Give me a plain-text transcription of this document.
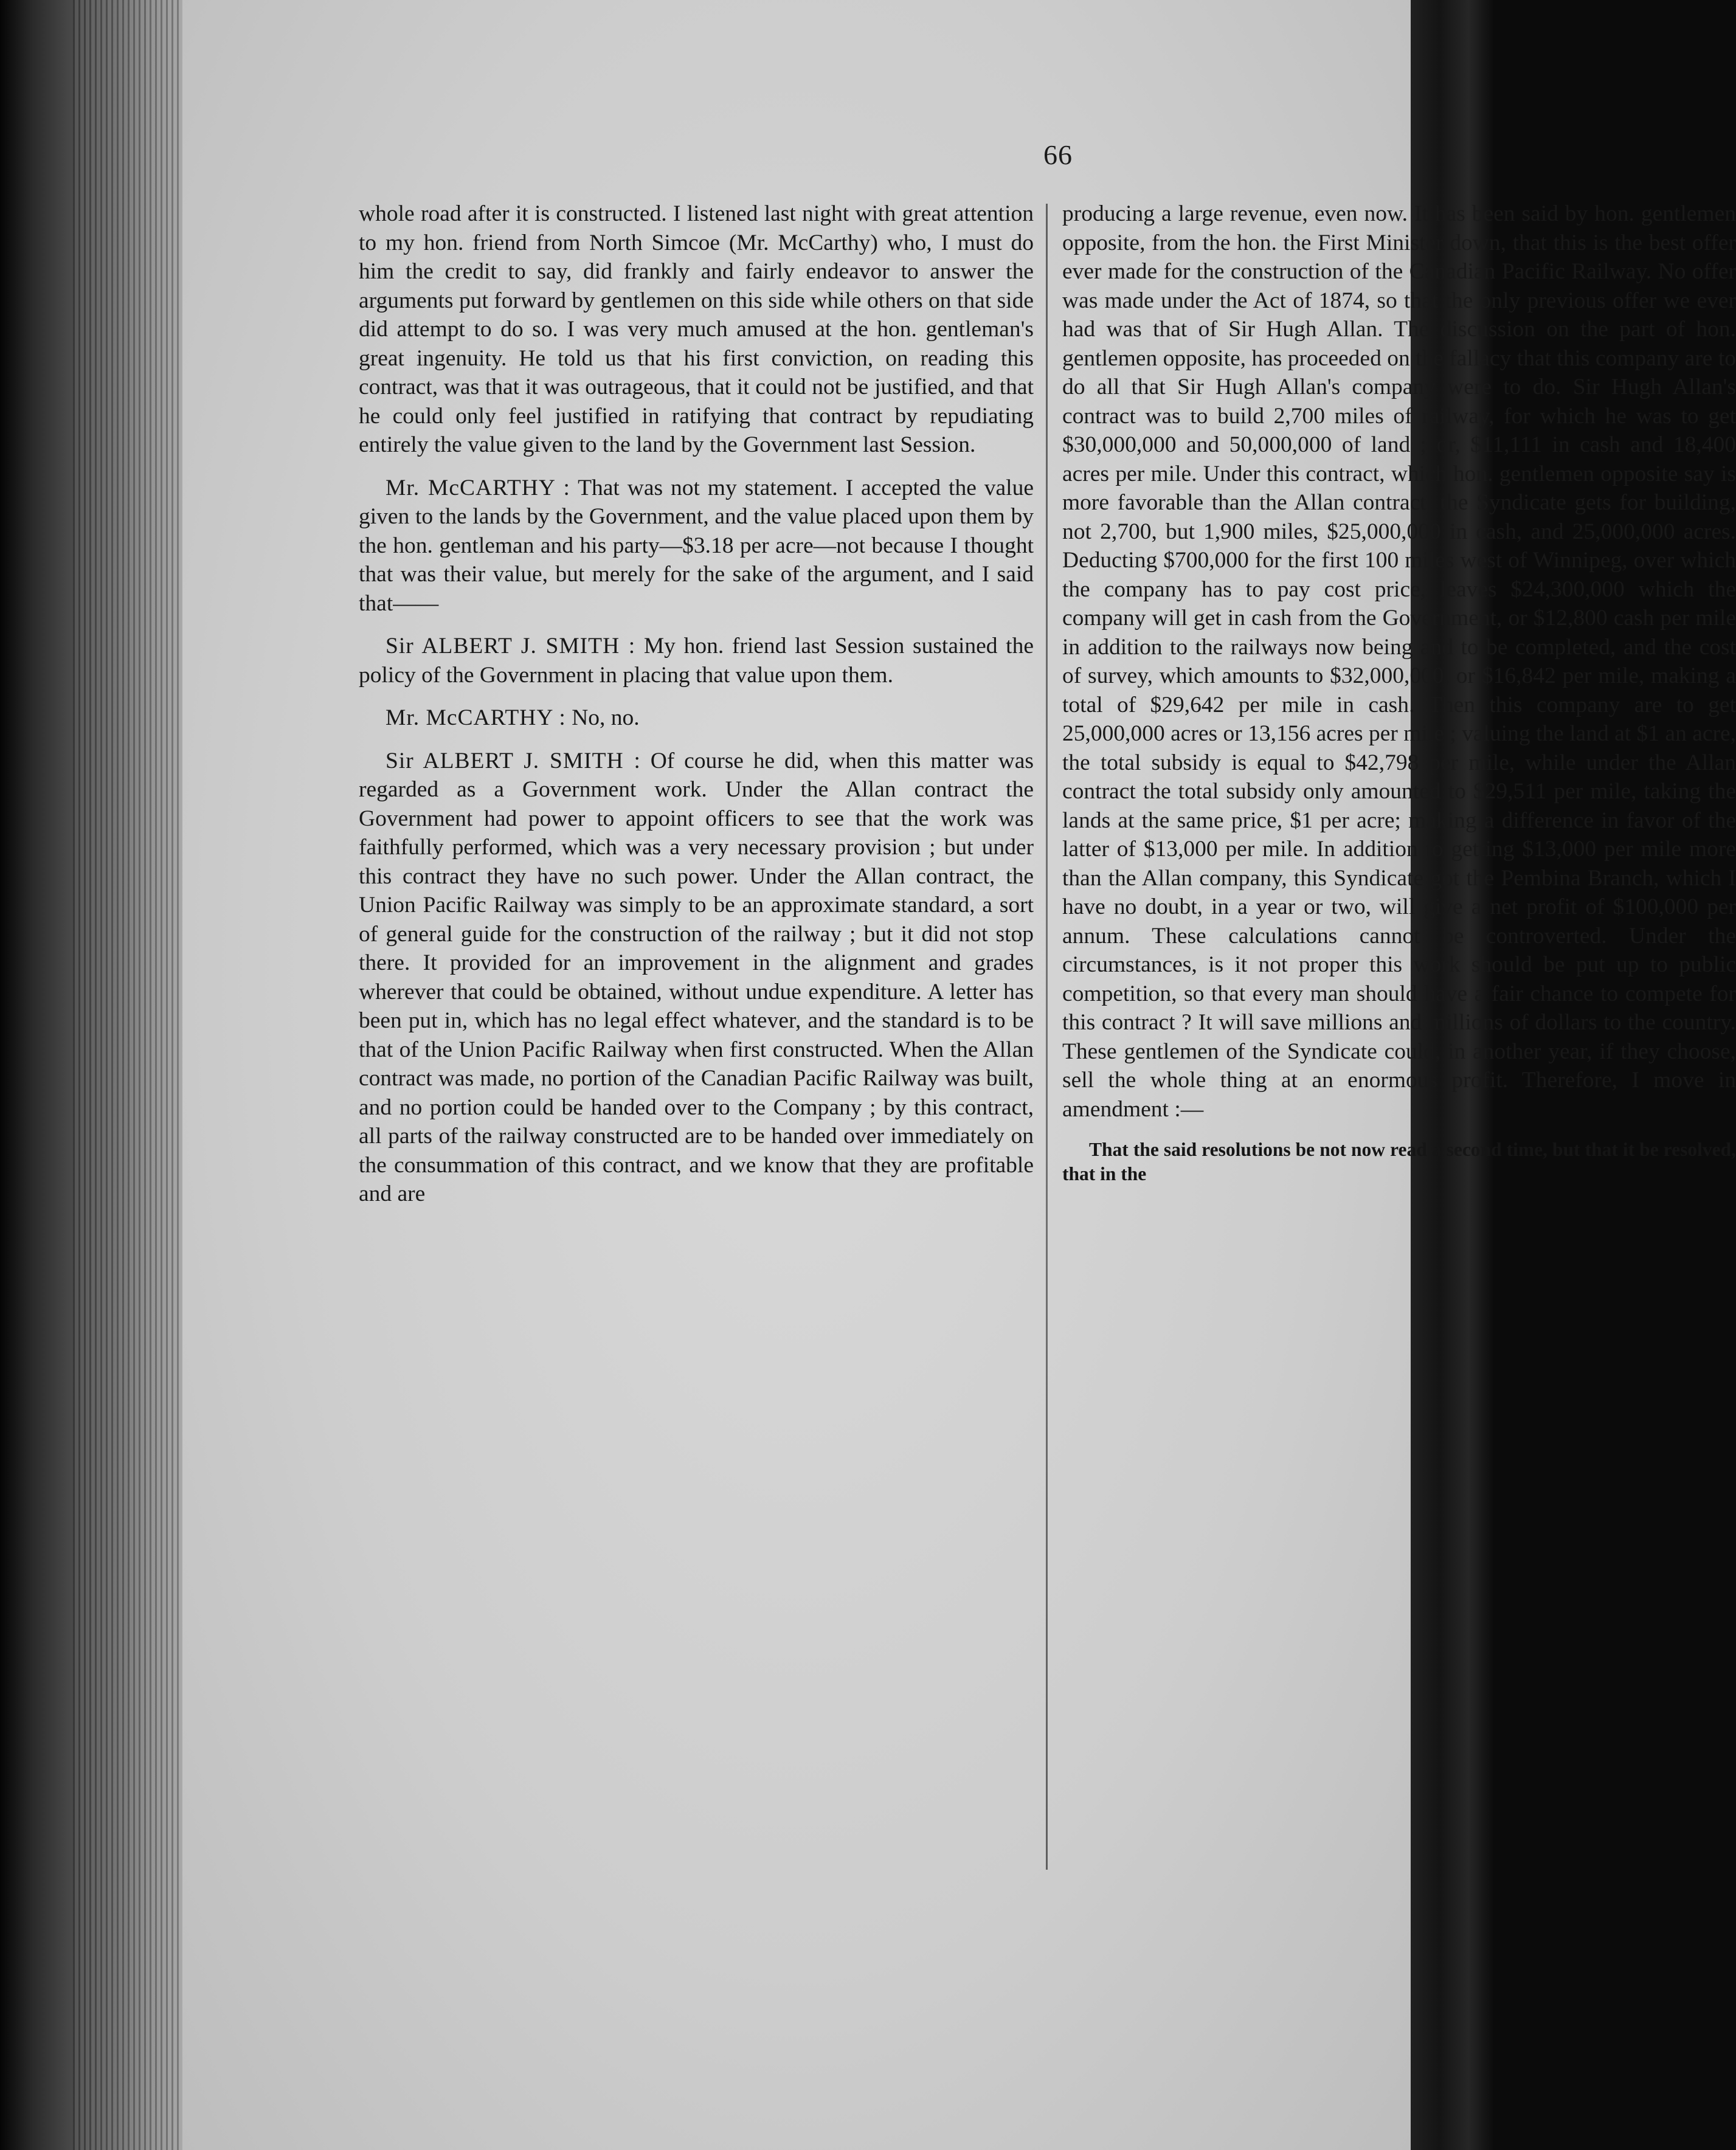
66

whole road after it is constructed. I listened last night with great attention to my hon. friend from North Simcoe (Mr. McCarthy) who, I must do him the credit to say, did frankly and fairly endeavor to answer the arguments put forward by gentlemen on this side while others on that side did attempt to do so. I was very much amused at the hon. gentleman's great ingenuity. He told us that his first conviction, on reading this contract, was that it was outrageous, that it could not be justified, and that he could only feel justified in ratifying that contract by repudiating entirely the value given to the land by the Government last Session.

Mr. McCARTHY : That was not my statement. I accepted the value given to the lands by the Government, and the value placed upon them by the hon. gentleman and his party—$3.18 per acre—not because I thought that was their value, but merely for the sake of the argument, and I said that——

Sir ALBERT J. SMITH : My hon. friend last Session sustained the policy of the Government in placing that value upon them.

Mr. McCARTHY : No, no.

Sir ALBERT J. SMITH : Of course he did, when this matter was regarded as a Government work. Under the Allan contract the Government had power to appoint officers to see that the work was faithfully performed, which was a very necessary provision ; but under this contract they have no such power. Under the Allan contract, the Union Pacific Railway was simply to be an approximate standard, a sort of general guide for the construction of the railway ; but it did not stop there. It provided for an improvement in the alignment and grades wherever that could be obtained, without undue expenditure. A letter has been put in, which has no legal effect whatever, and the standard is to be that of the Union Pacific Railway when first constructed. When the Allan contract was made, no portion of the Canadian Pacific Railway was built, and no portion could be handed over to the Company ; by this contract, all parts of the railway constructed are to be handed over immediately on the consummation of this contract, and we know that they are profitable and are

producing a large revenue, even now. It has been said by hon. gentlemen opposite, from the hon. the First Minister down, that this is the best offer ever made for the construction of the Canadian Pacific Railway. No offer was made under the Act of 1874, so that the only previous offer we ever had was that of Sir Hugh Allan. The discussion on the part of hon. gentlemen opposite, has proceeded on the fallacy that this company are to do all that Sir Hugh Allan's company were to do. Sir Hugh Allan's contract was to build 2,700 miles of railway, for which he was to get $30,000,000 and 50,000,000 of land ; or, $11,111 in cash and 18,400 acres per mile. Under this contract, which hon. gentlemen opposite say is more favorable than the Allan contract, the Syndicate gets for building, not 2,700, but 1,900 miles, $25,000,000 in cash, and 25,000,000 acres. Deducting $700,000 for the first 100 miles west of Winnipeg, over which the company has to pay cost price, leaves $24,300,000 which the company will get in cash from the Government, or $12,800 cash per mile in addition to the railways now being and to be completed, and the cost of survey, which amounts to $32,000,000, or $16,842 per mile, making a total of $29,642 per mile in cash. Then this company are to get 25,000,000 acres or 13,156 acres per mile ; valuing the land at $1 an acre, the total subsidy is equal to $42,798 per mile, while under the Allan contract the total subsidy only amounted to $29,511 per mile, taking the lands at the same price, $1 per acre; making a difference in favor of the latter of $13,000 per mile. In addition to getting $13,000 per mile more than the Allan company, this Syndicate got the Pembina Branch, which I have no doubt, in a year or two, will give a net profit of $100,000 per annum. These calculations cannot be controverted. Under the circumstances, is it not proper this work should be put up to public competition, so that every man should have a fair chance to compete for this contract ? It will save millions and millions of dollars to the country. These gentlemen of the Syndicate could, in another year, if they choose, sell the whole thing at an enormous profit. Therefore, I move in amendment :—

That the said resolutions be not now read a second time, but that it be resolved, that in the
